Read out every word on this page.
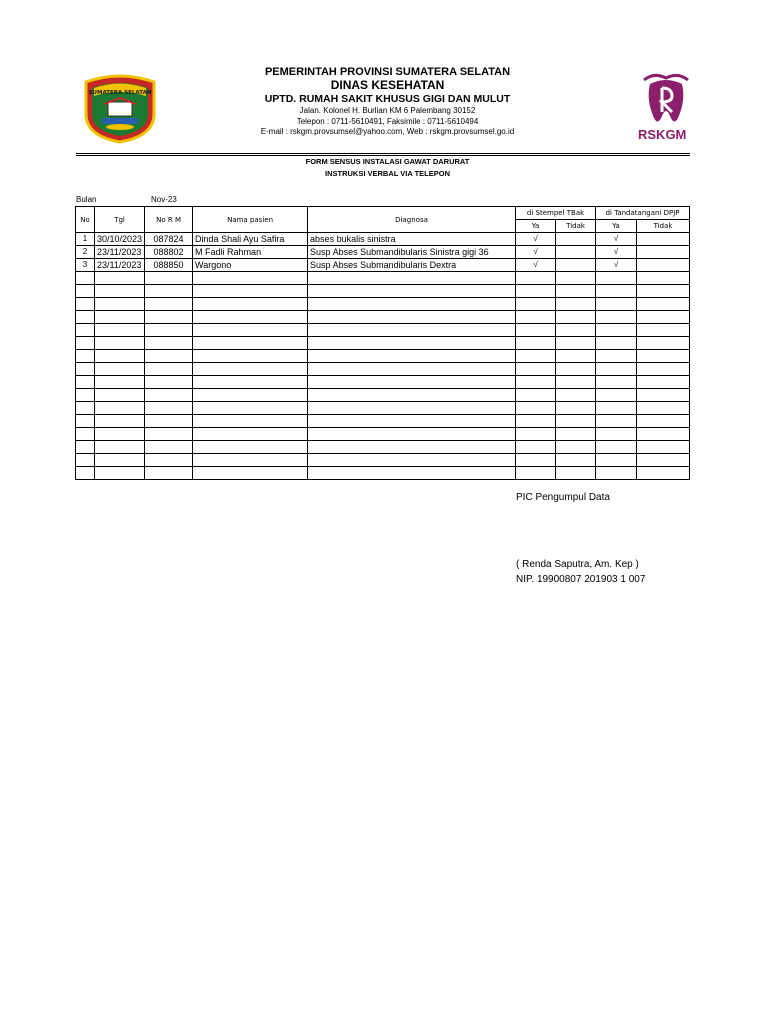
SUMATERA SELATAN
PEMERINTAH PROVINSI SUMATERA SELATAN
DINAS KESEHATAN
UPTD. RUMAH SAKIT KHUSUS GIGI DAN MULUT
Jalan. Kolonel H. Burlian KM 6 Palembang 30152
Telepon : 0711-5610491, Faksimile : 0711-5610494
E-mail : rskgm.provsumsel@yahoo.com, Web : rskgm.provsumsel.go.id	RSKGM
FORM SENSUS INSTALASI GAWAT DARURAT
INSTRUKSI VERBAL VIA TELEPON
Bulan	Nov-23
No	Tgl	No R M	Nama pasien	Diagnosa	di Stempel TBak		di Tandatangani DPJP	
					Ya	Tidak	Ya	Tidak
1	30/10/2023	087824	Dinda Shali Ayu Safira	abses bukalis sinistra	√		√	
2	23/11/2023	088802	M Fadli Rahman	Susp Abses Submandibularis Sinistra gigi 36	√		√	
3	23/11/2023	088850	Wargono	Susp Abses Submandibularis Dextra	√		√	

PIC Pengumpul Data
( Renda Saputra, Am. Kep )
NIP. 19900807 201903 1 007
